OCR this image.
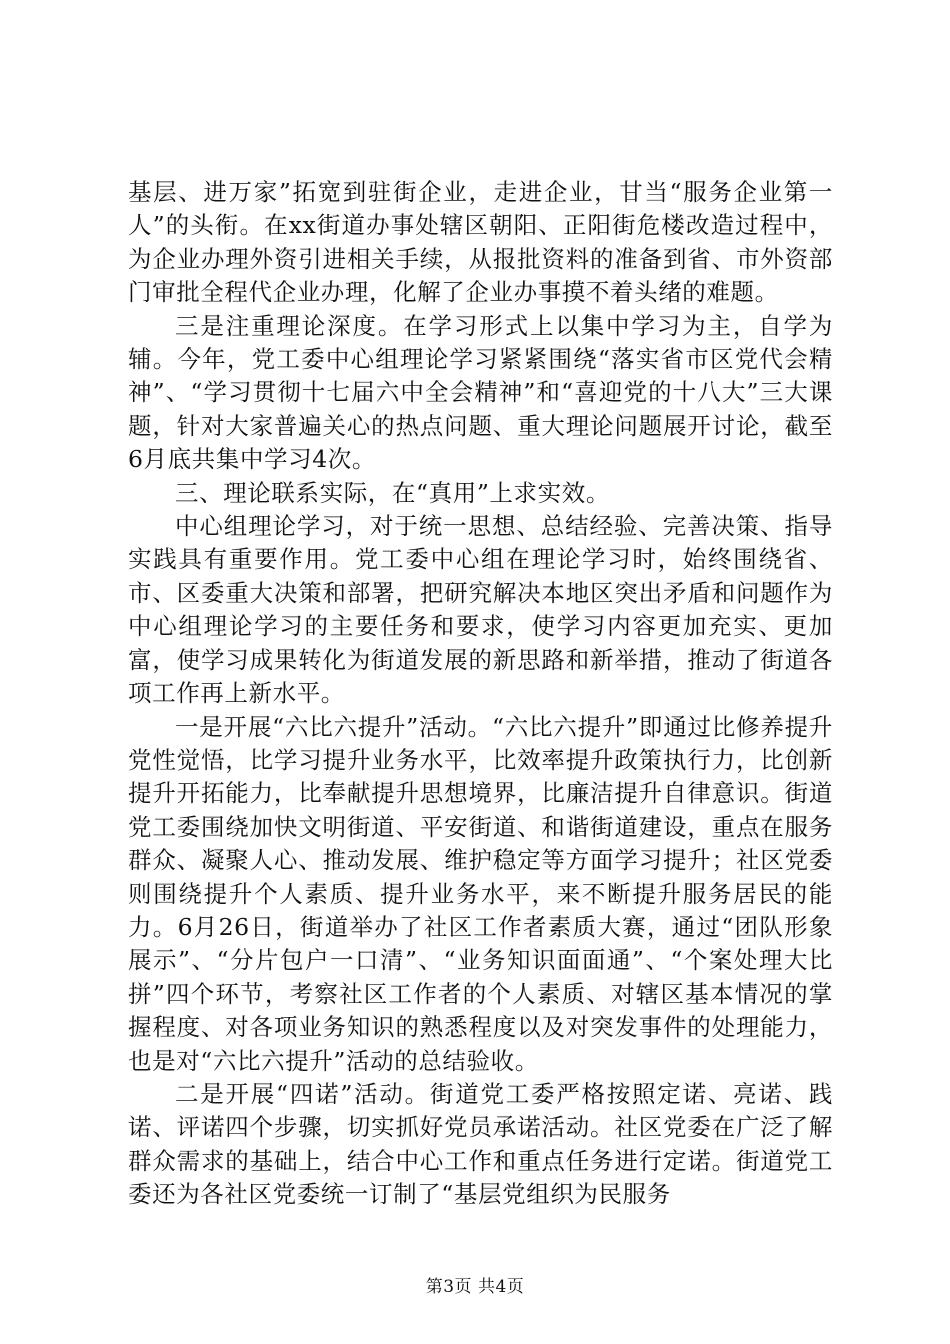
基层、进万家”拓宽到驻街企业，走进企业，甘当“服务企业第一人”的头衔。在xx街道办事处辖区朝阳、正阳街危楼改造过程中，为企业办理外资引进相关手续，从报批资料的准备到省、市外资部门审批全程代企业办理，化解了企业办事摸不着头绪的难题。

三是注重理论深度。在学习形式上以集中学习为主，自学为辅。今年，党工委中心组理论学习紧紧围绕“落实省市区党代会精神”、“学习贯彻十七届六中全会精神”和“喜迎党的十八大”三大课题，针对大家普遍关心的热点问题、重大理论问题展开讨论，截至6月底共集中学习4次。

三、理论联系实际，在“真用”上求实效。

中心组理论学习，对于统一思想、总结经验、完善决策、指导实践具有重要作用。党工委中心组在理论学习时，始终围绕省、市、区委重大决策和部署，把研究解决本地区突出矛盾和问题作为中心组理论学习的主要任务和要求，使学习内容更加充实、更加富，使学习成果转化为街道发展的新思路和新举措，推动了街道各项工作再上新水平。

一是开展“六比六提升”活动。“六比六提升”即通过比修养提升党性觉悟，比学习提升业务水平，比效率提升政策执行力，比创新提升开拓能力，比奉献提升思想境界，比廉洁提升自律意识。街道党工委围绕加快文明街道、平安街道、和谐街道建设，重点在服务群众、凝聚人心、推动发展、维护稳定等方面学习提升；社区党委则围绕提升个人素质、提升业务水平，来不断提升服务居民的能力。6月26日，街道举办了社区工作者素质大赛，通过“团队形象展示”、“分片包户一口清”、“业务知识面面通”、“个案处理大比拼”四个环节，考察社区工作者的个人素质、对辖区基本情况的掌握程度、对各项业务知识的熟悉程度以及对突发事件的处理能力，也是对“六比六提升”活动的总结验收。

二是开展“四诺”活动。街道党工委严格按照定诺、亮诺、践诺、评诺四个步骤，切实抓好党员承诺活动。社区党委在广泛了解群众需求的基础上，结合中心工作和重点任务进行定诺。街道党工委还为各社区党委统一订制了“基层党组织为民服务

第3页 共4页
